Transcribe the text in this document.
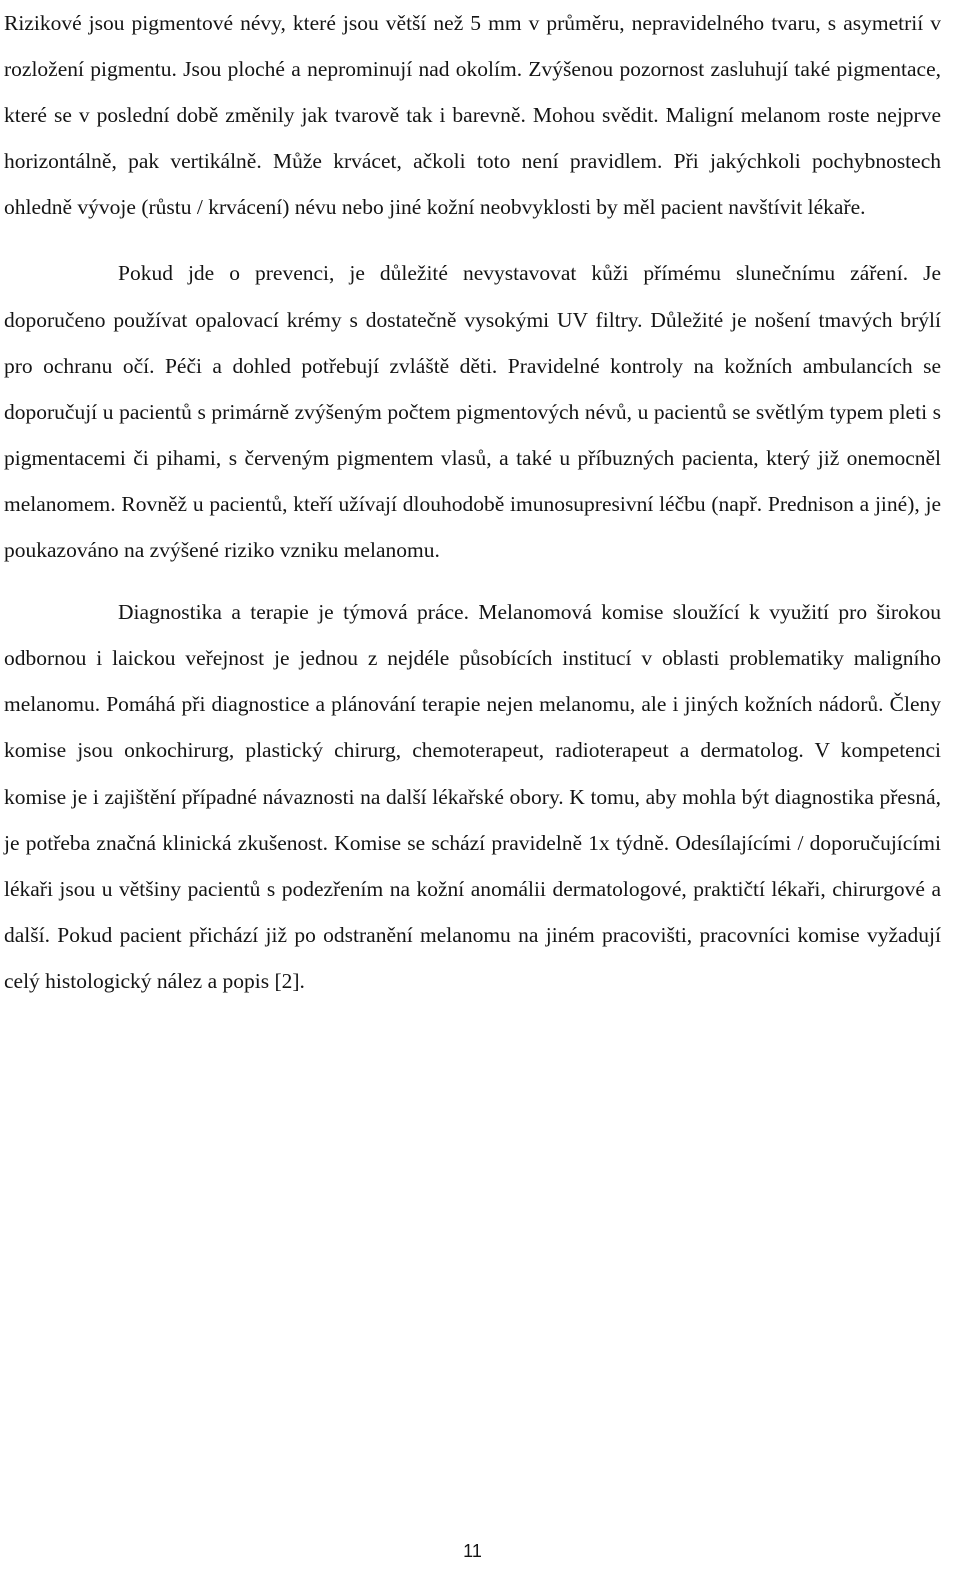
Rizikové jsou pigmentové névy, které jsou větší než 5 mm v průměru, nepravidelného tvaru, s asymetrií v rozložení pigmentu. Jsou ploché a neprominují nad okolím. Zvýšenou pozornost zasluhují také pigmentace, které se v poslední době změnily jak tvarově tak i barevně. Mohou svědit. Maligní melanom roste nejprve horizontálně, pak vertikálně. Může krvácet, ačkoli toto není pravidlem. Při jakýchkoli pochybnostech ohledně vývoje (růstu / krvácení) névu nebo jiné kožní neobvyklosti by měl pacient navštívit lékaře.

Pokud jde o prevenci, je důležité nevystavovat kůži přímému slunečnímu záření. Je doporučeno používat opalovací krémy s dostatečně vysokými UV filtry. Důležité je nošení tmavých brýlí pro ochranu očí. Péči a dohled potřebují zvláště děti. Pravidelné kontroly na kožních ambulancích se doporučují u pacientů s primárně zvýšeným počtem pigmentových névů, u pacientů se světlým typem pleti s pigmentacemi či pihami, s červeným pigmentem vlasů, a také u příbuzných pacienta, který již onemocněl melanomem. Rovněž u pacientů, kteří užívají dlouhodobě imunosupresivní léčbu (např. Prednison a jiné), je poukazováno na zvýšené riziko vzniku melanomu.

Diagnostika a terapie je týmová práce. Melanomová komise sloužící k využití pro širokou odbornou i laickou veřejnost je jednou z nejdéle působících institucí v oblasti problematiky maligního melanomu. Pomáhá při diagnostice a plánování terapie nejen melanomu, ale i jiných kožních nádorů. Členy komise jsou onkochirurg, plastický chirurg, chemoterapeut, radioterapeut a dermatolog. V kompetenci komise je i zajištění případné návaznosti na další lékařské obory. K tomu, aby mohla být diagnostika přesná, je potřeba značná klinická zkušenost. Komise se schází pravidelně 1x týdně. Odesílajícími / doporučujícími lékaři jsou u většiny pacientů s podezřením na kožní anomálii dermatologové, praktičtí lékaři, chirurgové a další. Pokud pacient přichází již po odstranění melanomu na jiném pracovišti, pracovníci komise vyžadují celý histologický nález a popis [2].

11
